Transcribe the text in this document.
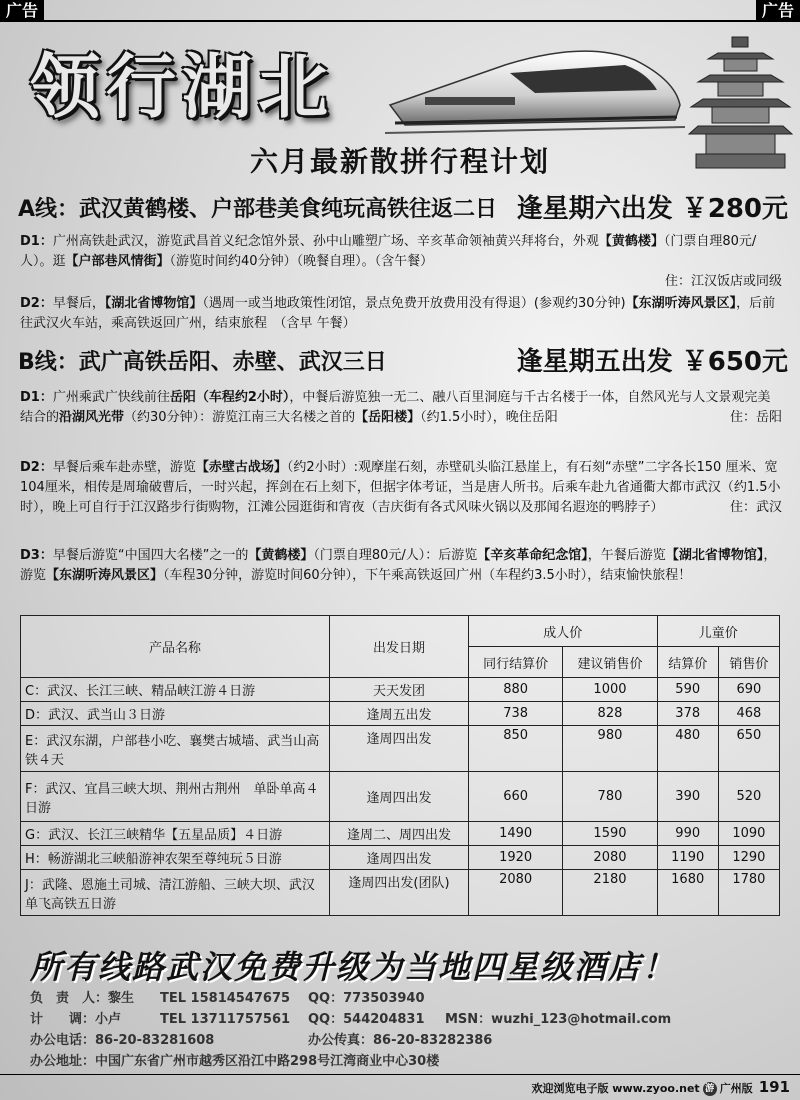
广告	广告
领行湖北
六月最新散拼行程计划
A线：武汉黄鹤楼、户部巷美食纯玩高铁往返二日 逢星期六出发 ￥280元
D1：广州高铁赴武汉，游览武昌首义纪念馆外景、孙中山雕塑广场、辛亥革命领袖黄兴拜将台，外观【黄鹤楼】（门票自理80元/人）。逛【户部巷风情街】（游览时间约40分钟）（晚餐自理）。（含午餐）

住：江汉饭店或同级
D2：早餐后，【湖北省博物馆】（遇周一或当地政策性闭馆，景点免费开放费用没有得退）(参观约30分钟)【东湖听涛风景区】，后前往武汉火车站，乘高铁返回广州，结束旅程　（含早 午餐）
B线：武广高铁岳阳、赤壁、武汉三日	逢星期五出发 ￥650元
D1：广州乘武广快线前往岳阳（车程约2小时），中餐后游览独一无二、融八百里洞庭与千古名楼于一体，自然风光与人文景观完美结合的沿湖风光带（约30分钟）：游览江南三大名楼之首的【岳阳楼】（约1.5小时），晚住岳阳	住：岳阳
D2：早餐后乘车赴赤壁，游览【赤壁古战场】（约2小时）:观摩崖石刻，赤壁矶头临江悬崖上，有石刻“赤壁”二字各长150 厘米、宽104厘米，相传是周瑜破曹后，一时兴起，挥剑在石上刻下，但据字体考证，当是唐人所书。后乘车赴九省通衢大都市武汉（约1.5小时），晚上可自行于江汉路步行街购物，江滩公园逛街和宵夜（吉庆街有各式风味火锅以及那闻名遐迩的鸭脖子）	住：武汉
D3：早餐后游览“中国四大名楼”之一的【黄鹤楼】（门票自理80元/人）：后游览【辛亥革命纪念馆】，午餐后游览【湖北省博物馆】，游览【东湖听涛风景区】（车程30分钟，游览时间60分钟），下午乘高铁返回广州（车程约3.5小时），结束愉快旅程！
产品名称	出发日期	成人价		儿童价	
		同行结算价	建议销售价	结算价	销售价
C：武汉、长江三峡、精品峡江游４日游	天天发团	880	1000	590	690
D：武汉、武当山３日游	逢周五出发	738	828	378	468
E：武汉东湖，户部巷小吃、襄樊古城墙、武当山高铁４天	逢周四出发	850	980	480	650
F：武汉、宜昌三峡大坝、荆州古荆州　单卧单高４日游	逢周四出发	660	780	390	520
G：武汉、长江三峡精华【五星品质】４日游	逢周二、周四出发	1490	1590	990	1090
H：畅游湖北三峡船游神农架至尊纯玩５日游	逢周四出发	1920	2080	1190	1290
J：武隆、恩施土司城、清江游船、三峡大坝、武汉单飞高铁五日游	逢周四出发(团队)	2080	2180	1680	1780
所有线路武汉免费升级为当地四星级酒店！
负　责　人：黎生 TEL 15814547675 QQ：773503940
计　　调：小卢	TEL 13711757561 QQ：544204831 MSN：wuzhi_123@hotmail.com
办公电话：86-20-83281608	办公传真：86-20-83282386
办公地址：中国广东省广州市越秀区沿江中路298号江湾商业中心30楼
欢迎浏览电子版 www.zyoo.net 游 广州版 191
